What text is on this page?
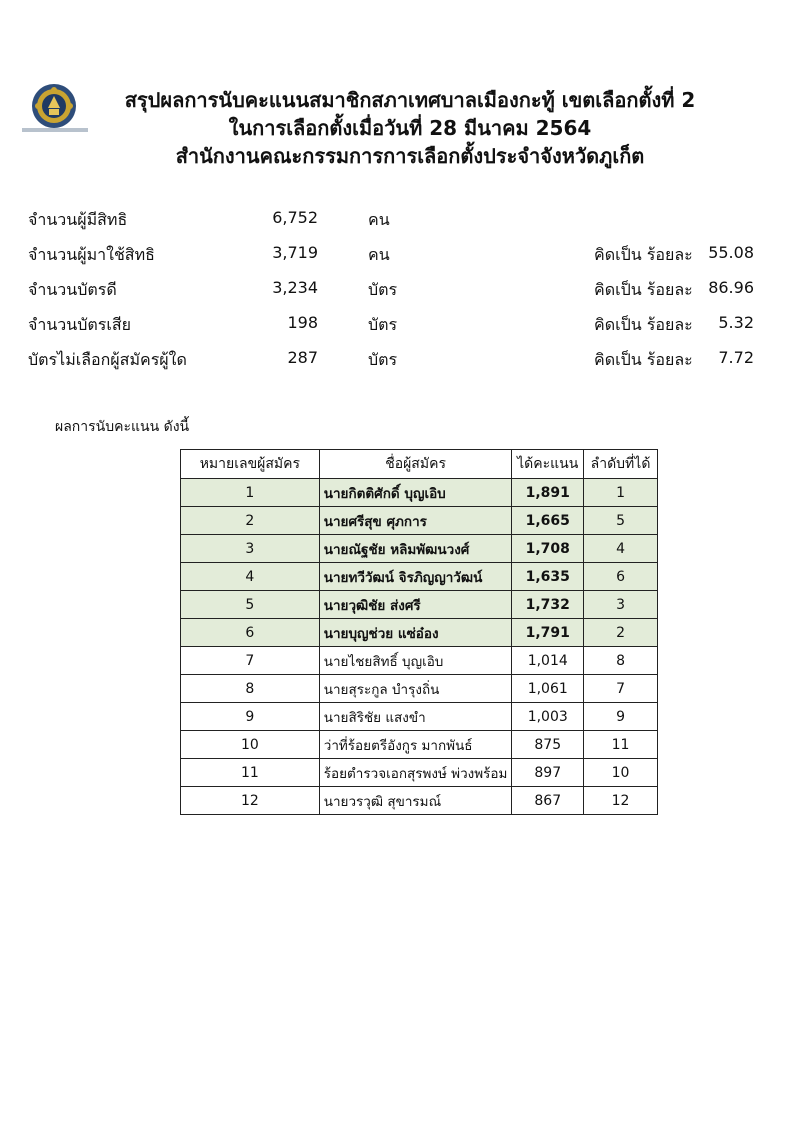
สรุปผลการนับคะแนนสมาชิกสภาเทศบาลเมืองกะทู้ เขตเลือกตั้งที่ 2
ในการเลือกตั้งเมื่อวันที่ 28 มีนาคม 2564
สำนักงานคณะกรรมการการเลือกตั้งประจำจังหวัดภูเก็ต
จำนวนผู้มีสิทธิ	6,752	คน
จำนวนผู้มาใช้สิทธิ	3,719	คน	คิดเป็น ร้อยละ 55.08
จำนวนบัตรดี	3,234	บัตร	คิดเป็น ร้อยละ 86.96
จำนวนบัตรเสีย	198	บัตร	คิดเป็น ร้อยละ	5.32
บัตรไม่เลือกผู้สมัครผู้ใด	287	บัตร	คิดเป็น ร้อยละ	7.72
ผลการนับคะแนน ดังนี้
หมายเลขผู้สมัคร	ชื่อผู้สมัคร	ได้คะแนน	ลำดับที่ได้
1	นายกิตติศักดิ์ บุญเอิบ	1,891	1
2	นายศรีสุข ศุภการ	1,665	5
3	นายณัฐชัย หลิมพัฒนวงศ์	1,708	4
4	นายทวีวัฒน์ จิรภิญญาวัฒน์	1,635	6
5	นายวุฒิชัย ส่งศรี	1,732	3
6	นายบุญช่วย แซ่อ๋อง	1,791	2
7	นายไชยสิทธิ์ บุญเอิบ	1,014	8
8	นายสุระกูล บำรุงถิ่น	1,061	7
9	นายสิริชัย แสงขำ	1,003	9
10	ว่าที่ร้อยตรีอังกูร มากพันธ์	875	11
11	ร้อยตำรวจเอกสุรพงษ์ พ่วงพร้อม	897	10
12	นายวรวุฒิ สุขารมณ์	867	12
